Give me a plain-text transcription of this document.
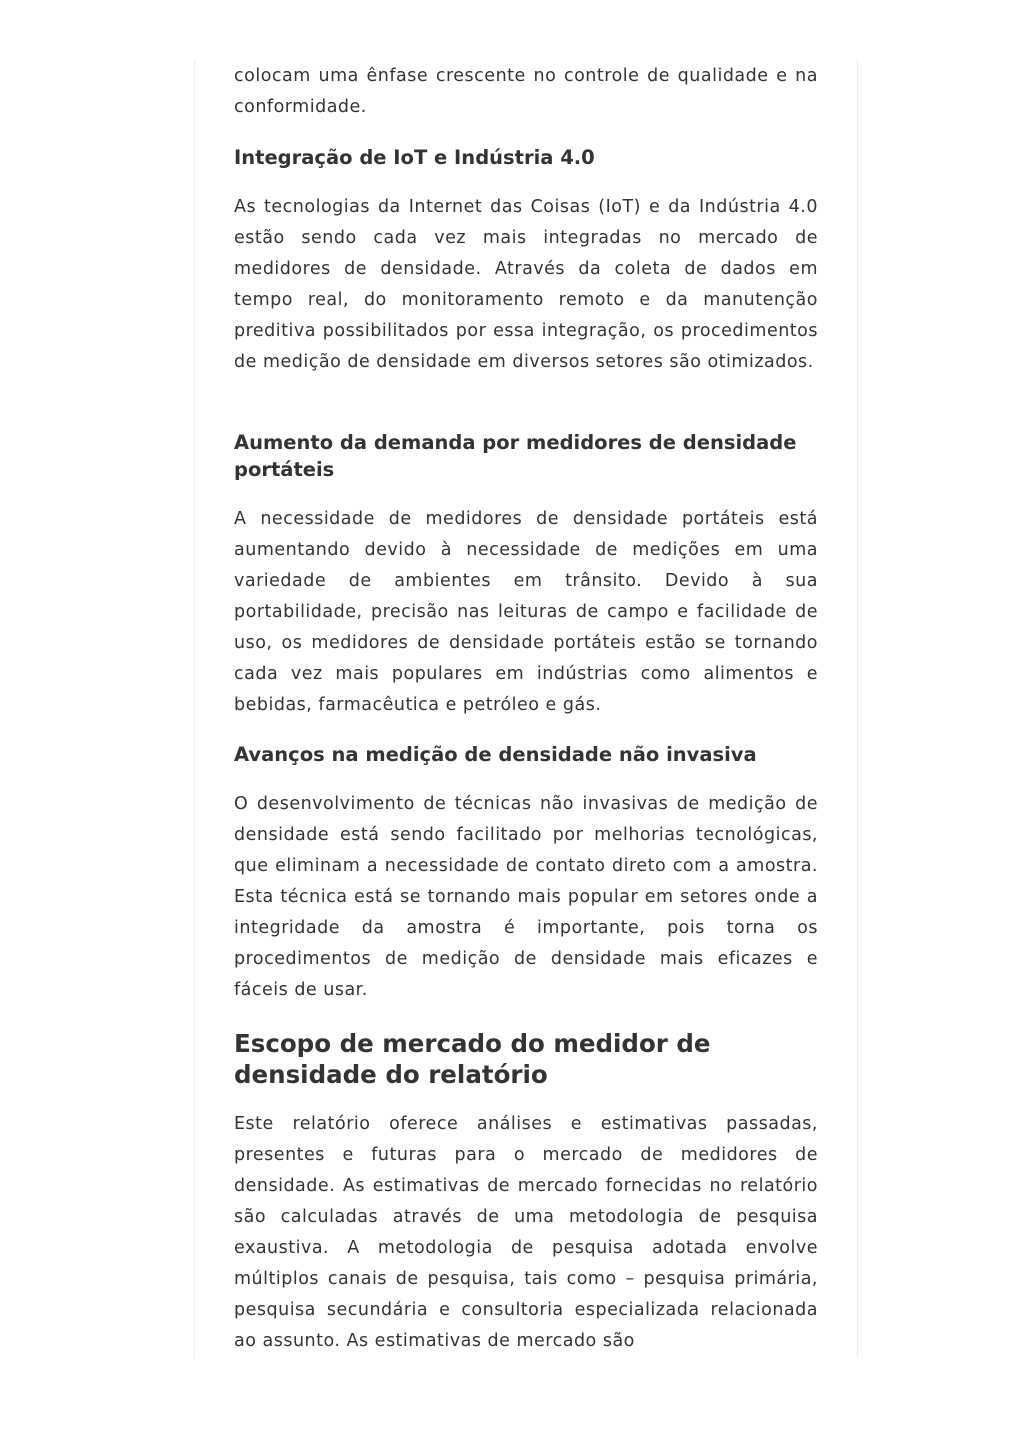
colocam uma ênfase crescente no controle de qualidade e na conformidade.

Integração de IoT e Indústria 4.0

As tecnologias da Internet das Coisas (IoT) e da Indústria 4.0 estão sendo cada vez mais integradas no mercado de medidores de densidade. Através da coleta de dados em tempo real, do monitoramento remoto e da manutenção preditiva possibilitados por essa integração, os procedimentos de medição de densidade em diversos setores são otimizados.

Aumento da demanda por medidores de densidade portáteis

A necessidade de medidores de densidade portáteis está aumentando devido à necessidade de medições em uma variedade de ambientes em trânsito. Devido à sua portabilidade, precisão nas leituras de campo e facilidade de uso, os medidores de densidade portáteis estão se tornando cada vez mais populares em indústrias como alimentos e bebidas, farmacêutica e petróleo e gás.

Avanços na medição de densidade não invasiva

O desenvolvimento de técnicas não invasivas de medição de densidade está sendo facilitado por melhorias tecnológicas, que eliminam a necessidade de contato direto com a amostra. Esta técnica está se tornando mais popular em setores onde a integridade da amostra é importante, pois torna os procedimentos de medição de densidade mais eficazes e fáceis de usar.

Escopo de mercado do medidor de densidade do relatório

Este relatório oferece análises e estimativas passadas, presentes e futuras para o mercado de medidores de densidade. As estimativas de mercado fornecidas no relatório são calculadas através de uma metodologia de pesquisa exaustiva. A metodologia de pesquisa adotada envolve múltiplos canais de pesquisa, tais como – pesquisa primária, pesquisa secundária e consultoria especializada relacionada ao assunto. As estimativas de mercado são
